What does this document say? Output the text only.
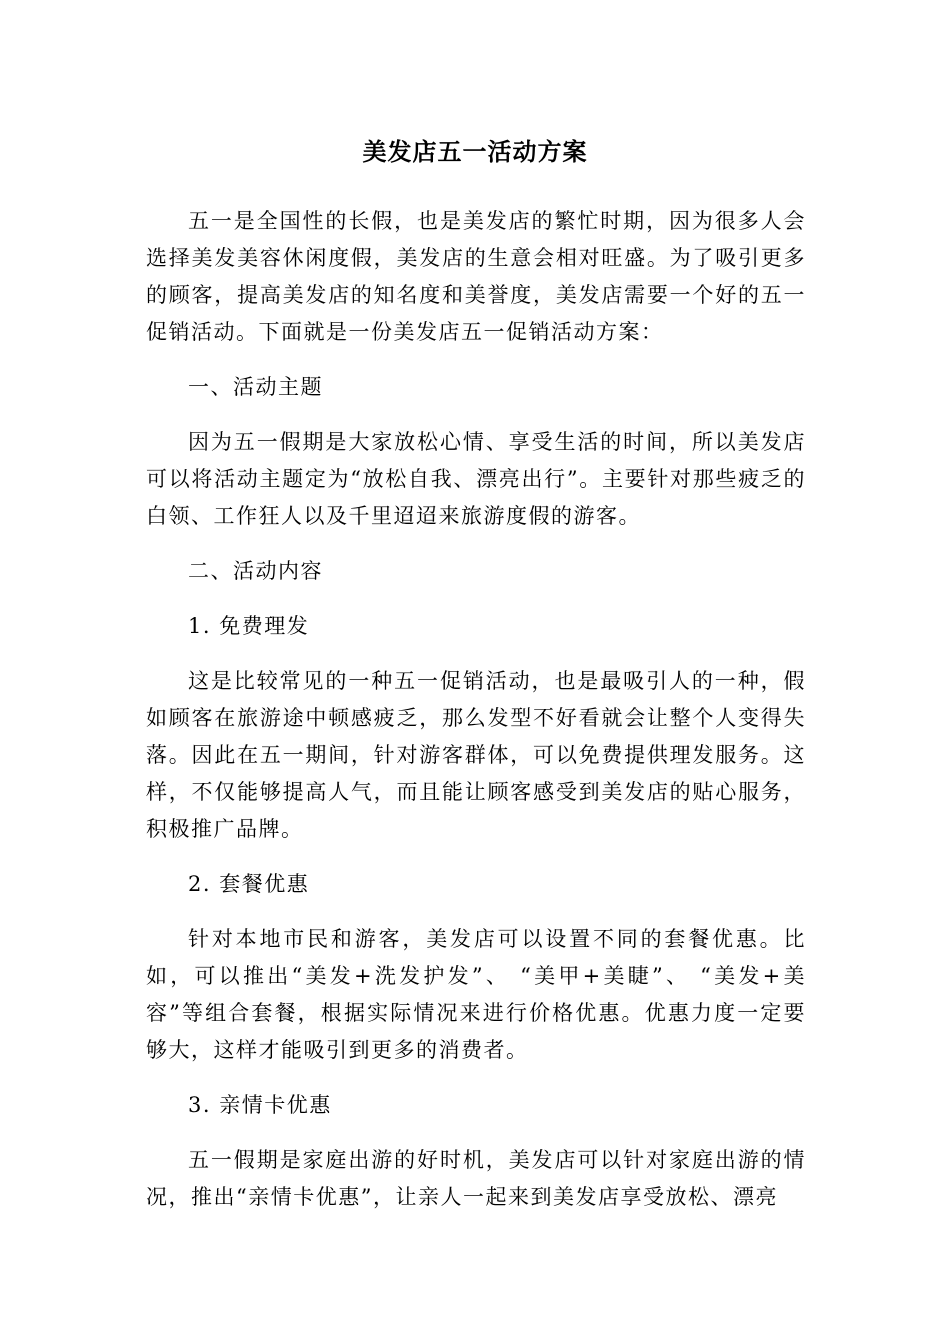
美发店五一活动方案

五一是全国性的长假，也是美发店的繁忙时期，因为很多人会选择美发美容休闲度假，美发店的生意会相对旺盛。为了吸引更多的顾客，提高美发店的知名度和美誉度，美发店需要一个好的五一促销活动。下面就是一份美发店五一促销活动方案：

一、活动主题

因为五一假期是大家放松心情、享受生活的时间，所以美发店可以将活动主题定为“放松自我、漂亮出行”。主要针对那些疲乏的白领、工作狂人以及千里迢迢来旅游度假的游客。

二、活动内容

1. 免费理发

这是比较常见的一种五一促销活动，也是最吸引人的一种，假如顾客在旅游途中顿感疲乏，那么发型不好看就会让整个人变得失落。因此在五一期间，针对游客群体，可以免费提供理发服务。这样，不仅能够提高人气，而且能让顾客感受到美发店的贴心服务，积极推广品牌。

2. 套餐优惠

针对本地市民和游客，美发店可以设置不同的套餐优惠。比如，可以推出“美发+洗发护发”、 “美甲+美睫”、 “美发+美容”等组合套餐，根据实际情况来进行价格优惠。优惠力度一定要够大，这样才能吸引到更多的消费者。

3. 亲情卡优惠

五一假期是家庭出游的好时机，美发店可以针对家庭出游的情况，推出“亲情卡优惠”，让亲人一起来到美发店享受放松、漂亮
